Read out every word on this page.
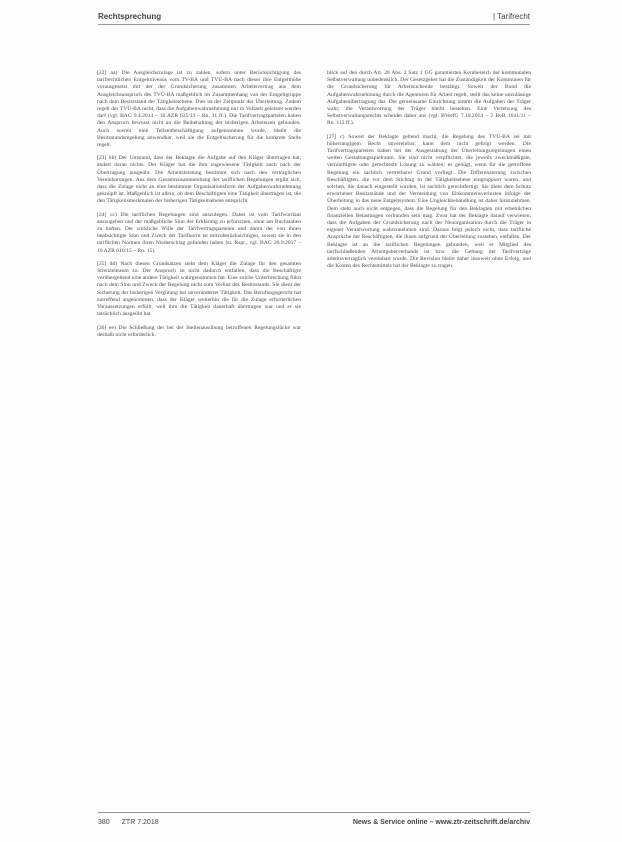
Rechtsprechung	| Tarifrecht

[22] aa) Die Ausgleichszulage ist zu zahlen, sofern unter Berücksichtigung des tarifrechtlichen Entgeltniveaus vom TV-BA und TVÜ-BA nach dieser ihre Entgelthöhe vorausgesetzt mit der der Grundsicherung zusammen Arbeitsvertrag aus dem Ausgleichsanspruch des TVÜ-BA maßgeblich im Zusammenhang von der Entgeltgruppe nach dem Besitzstand der Tätigkeitsebene. Dies ist der Zeitpunkt der Überleitung. Zudem regelt der TVÜ-BA nicht, dass die Aufgabenwahrnehmung nur in Vollzeit geleistet werden darf (vgl. BAG 9.4.2014 – 10 AZR 635/13 – Rn. 31 ff.). Die Tarifvertragsparteien haben den Anspruch bewusst nicht an die Beibehaltung der bisherigen Arbeitszeit gebunden. Auch soweit eine Teilzeitbeschäftigung aufgenommen wurde, bleibt die Besitzstandsregelung anwendbar, weil sie die Entgeltsicherung für die konkrete Stelle regelt.

[23] bb) Der Umstand, dass der Beklagte die Aufgabe auf den Kläger übertragen hat, ändert daran nichts. Der Kläger hat die ihm zugewiesene Tätigkeit auch nach der Übertragung ausgeübt. Die Arbeitsleistung bestimmt sich nach den vertraglichen Vereinbarungen. Aus dem Gesamtzusammenhang der tariflichen Regelungen ergibt sich, dass die Zulage nicht an eine bestimmte Organisationsform der Aufgabenwahrnehmung geknüpft ist. Maßgeblich ist allein, ob dem Beschäftigten eine Tätigkeit übertragen ist, die den Tätigkeitsmerkmalen der bisherigen Tätigkeitsebene entspricht.

[24] cc) Die tariflichen Regelungen sind auszulegen. Dabei ist vom Tarifwortlaut auszugehen und der maßgebliche Sinn der Erklärung zu erforschen, ohne am Buchstaben zu haften. Der wirkliche Wille der Tarifvertragsparteien und damit der von ihnen beabsichtigte Sinn und Zweck der Tarifnorm ist mitzuberücksichtigen, soweit sie in den tariflichen Normen ihren Niederschlag gefunden haben (st. Rspr., vgl. BAG 20.9.2017 – 10 AZR 610/15 – Rn. 15).

[25] dd) Nach diesen Grundsätzen steht dem Kläger die Zulage für den gesamten Streitzeitraum zu. Der Anspruch ist nicht dadurch entfallen, dass die Beschäftigte vorübergehend eine andere Tätigkeit wahrgenommen hat. Eine solche Unterbrechung führt nach dem Sinn und Zweck der Regelung nicht zum Verlust des Besitzstands. Sie dient der Sicherung der bisherigen Vergütung bei unveränderter Tätigkeit. Das Berufungsgericht hat zutreffend angenommen, dass der Kläger weiterhin die für die Zulage erforderlichen Voraussetzungen erfüllt, weil ihm die Tätigkeit dauerhaft übertragen war und er sie tatsächlich ausgeübt hat.

[26] ee) Die Schließung der bei der Stellenausübung betroffenen Regelungslücke war deshalb nicht erforderlich.

blick auf den durch Art. 28 Abs. 2 Satz 1 GG garantierten Kernbereich der kommunalen Selbstverwaltung unbedenklich. Der Gesetzgeber hat die Zuständigkeit der Kommunen für die Grundsicherung für Arbeitsuchende bestätigt. Soweit der Bund die Aufgabenwahrnehmung durch die Agenturen für Arbeit regelt, stellt das keine unzulässige Aufgabenübertragung dar. Die gemeinsame Einrichtung nimmt die Aufgaben der Träger wahr; die Verantwortung der Träger bleibt bestehen. Eine Verletzung des Selbstverwaltungsrechts scheidet daher aus (vgl. BVerfG 7.10.2014 – 2 BvR 1641/11 – Rn. 112 ff.).

[27] c) Soweit der Beklagte geltend macht, die Regelung des TVÜ-BA sei mit höherrangigem Recht unvereinbar, kann dem nicht gefolgt werden. Die Tarifvertragsparteien haben bei der Ausgestaltung der Überleitungsregelungen einen weiten Gestaltungsspielraum. Sie sind nicht verpflichtet, die jeweils zweckmäßigste, vernünftigste oder gerechteste Lösung zu wählen; es genügt, wenn für die getroffene Regelung ein sachlich vertretbarer Grund vorliegt. Die Differenzierung zwischen Beschäftigten, die vor dem Stichtag in der Tätigkeitsebene eingruppiert waren, und solchen, die danach eingestellt wurden, ist sachlich gerechtfertigt. Sie dient dem Schutz erworbener Besitzstände und der Vermeidung von Einkommensverlusten infolge der Überleitung in das neue Entgeltsystem. Eine Ungleichbehandlung ist daher hinzunehmen. Dem steht auch nicht entgegen, dass die Regelung für den Beklagten mit erheblichen finanziellen Belastungen verbunden sein mag. Zwar hat der Beklagte darauf verwiesen, dass die Aufgaben der Grundsicherung nach der Neuorganisation durch die Träger in eigener Verantwortung wahrzunehmen sind. Daraus folgt jedoch nicht, dass tarifliche Ansprüche der Beschäftigten, die ihnen aufgrund der Überleitung zustehen, entfallen. Der Beklagte ist an die tariflichen Regelungen gebunden, weil er Mitglied des tarifschließenden Arbeitgeberverbands ist bzw. die Geltung der Tarifverträge arbeitsvertraglich vereinbart wurde. Die Revision bleibt daher insoweit ohne Erfolg, und die Kosten des Rechtsmittels hat der Beklagte zu tragen.

380 ZTR 7.2018	News & Service online – www.ztr-zeitschrift.de/archiv
